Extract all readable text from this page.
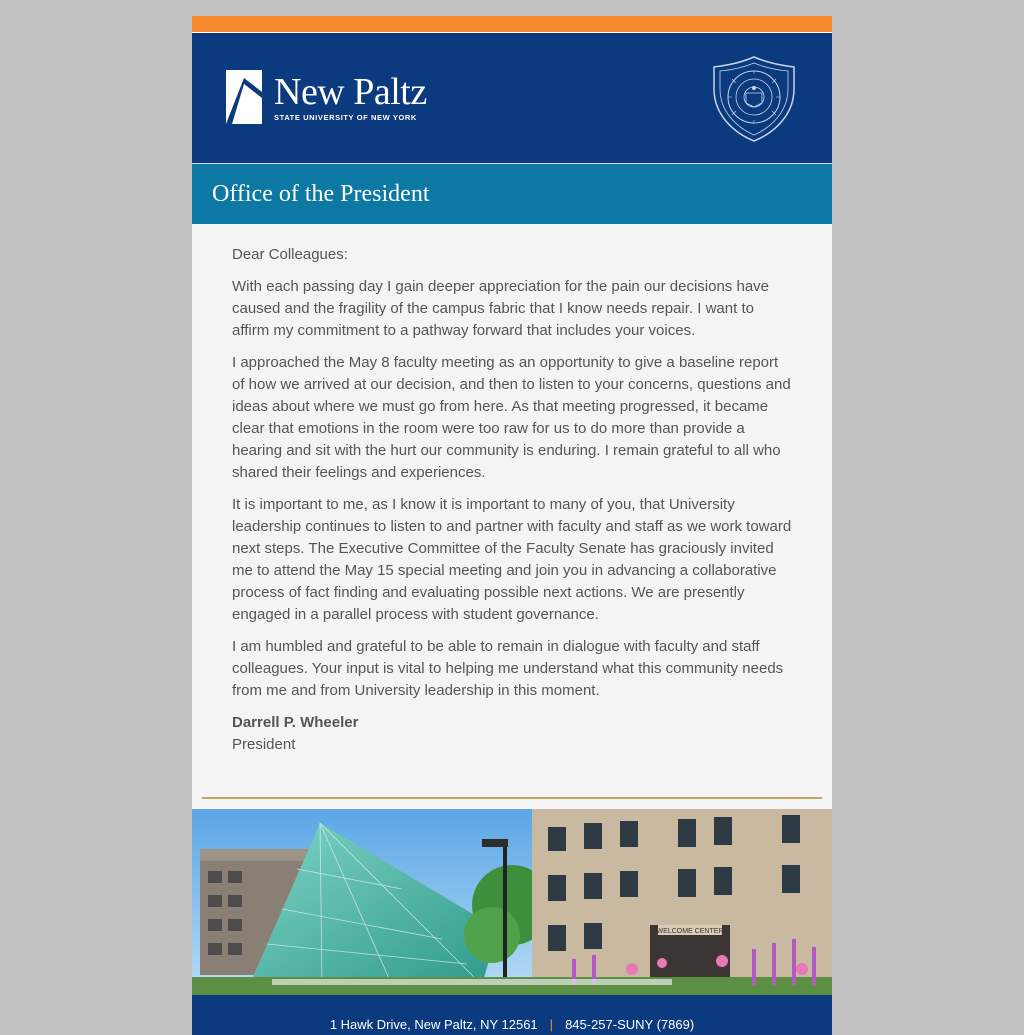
New Paltz
STATE UNIVERSITY OF NEW YORK
Office of the President

Dear Colleagues:

With each passing day I gain deeper appreciation for the pain our decisions have caused and the fragility of the campus fabric that I know needs repair. I want to affirm my commitment to a pathway forward that includes your voices.

I approached the May 8 faculty meeting as an opportunity to give a baseline report of how we arrived at our decision, and then to listen to your concerns, questions and ideas about where we must go from here. As that meeting progressed, it became clear that emotions in the room were too raw for us to do more than provide a hearing and sit with the hurt our community is enduring. I remain grateful to all who shared their feelings and experiences.

It is important to me, as I know it is important to many of you, that University leadership continues to listen to and partner with faculty and staff as we work toward next steps. The Executive Committee of the Faculty Senate has graciously invited me to attend the May 15 special meeting and join you in advancing a collaborative process of fact finding and evaluating possible next actions. We are presently engaged in a parallel process with student governance.

I am humbled and grateful to be able to remain in dialogue with faculty and staff colleagues. Your input is vital to helping me understand what this community needs from me and from University leadership in this moment.

Darrell P. Wheeler
President
WELCOME CENTER
1 Hawk Drive, New Paltz, NY 12561 | 845-257-SUNY (7869)
